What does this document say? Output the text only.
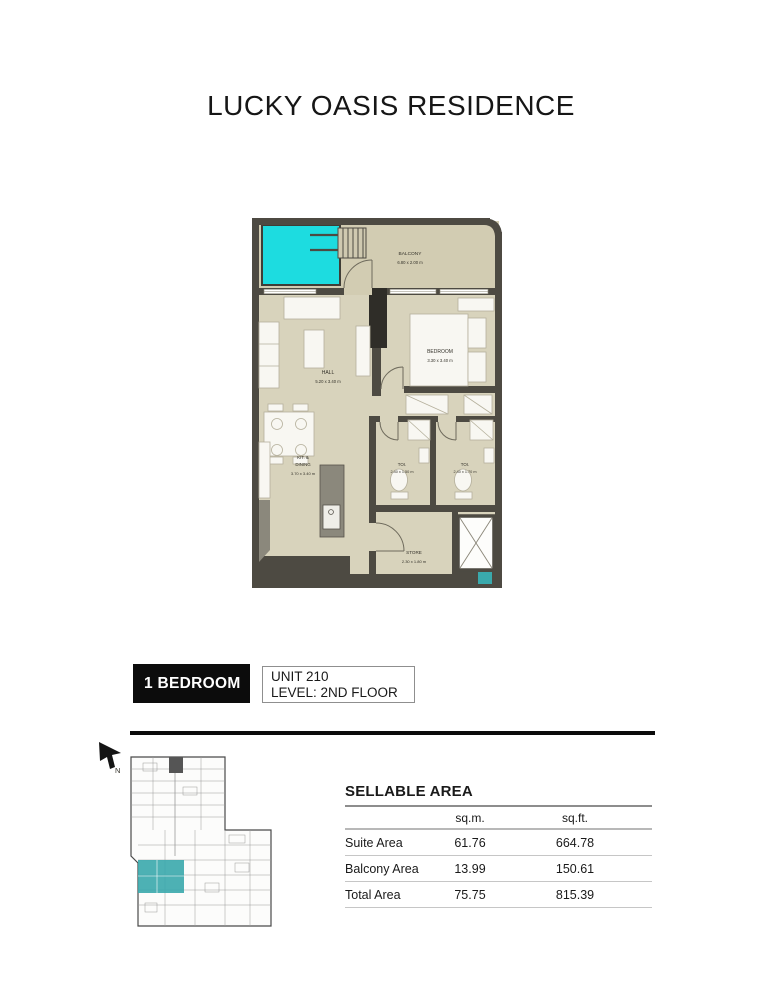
LUCKY OASIS RESIDENCE
BALCONY
6.80 x 2.00 m
HALL
5.20 x 3.40 m
BEDROOM
3.30 x 3.40 m
KIT. &
DINING
3.70 x 3.40 m
TOI.
2.40 x 1.50 m
TOI.
2.40 x 1.70 m
STORE
2.30 x 1.80 m
1 BEDROOM	UNIT 210
LEVEL: 2ND FLOOR
N
SELLABLE AREA
sq.m.	sq.ft.
Suite Area	61.76	664.78
Balcony Area	13.99	150.61
Total Area	75.75	815.39
